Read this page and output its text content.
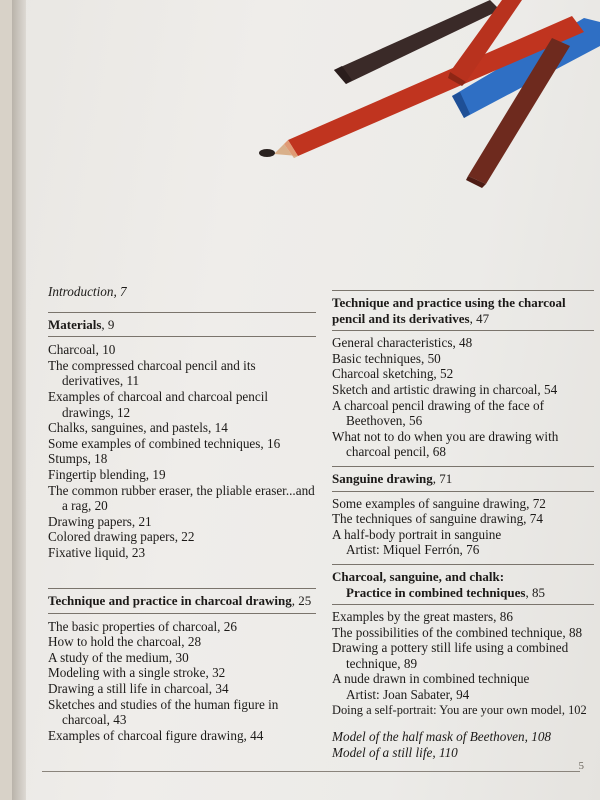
Introduction, 7
Materials, 9
Charcoal, 10
The compressed charcoal pencil and its derivatives, 11
Examples of charcoal and charcoal pencil drawings, 12
Chalks, sanguines, and pastels, 14
Some examples of combined techniques, 16
Stumps, 18
Fingertip blending, 19
The common rubber eraser, the pliable eraser...and a rag, 20
Drawing papers, 21
Colored drawing papers, 22
Fixative liquid, 23
Technique and practice in charcoal drawing, 25
The basic properties of charcoal, 26
How to hold the charcoal, 28
A study of the medium, 30
Modeling with a single stroke, 32
Drawing a still life in charcoal, 34
Sketches and studies of the human figure in charcoal, 43
Examples of charcoal figure drawing, 44
Technique and practice using the charcoal pencil and its derivatives, 47
General characteristics, 48
Basic techniques, 50
Charcoal sketching, 52
Sketch and artistic drawing in charcoal, 54
A charcoal pencil drawing of the face of Beethoven, 56
What not to do when you are drawing with charcoal pencil, 68
Sanguine drawing, 71
Some examples of sanguine drawing, 72
The techniques of sanguine drawing, 74
A half-body portrait in sanguine
Artist: Miquel Ferrón, 76
Charcoal, sanguine, and chalk:
Practice in combined techniques, 85
Examples by the great masters, 86
The possibilities of the combined technique, 88
Drawing a pottery still life using a combined technique, 89
A nude drawn in combined technique
Artist: Joan Sabater, 94
Doing a self-portrait: You are your own model, 102
Model of the half mask of Beethoven, 108
Model of a still life, 110
5
